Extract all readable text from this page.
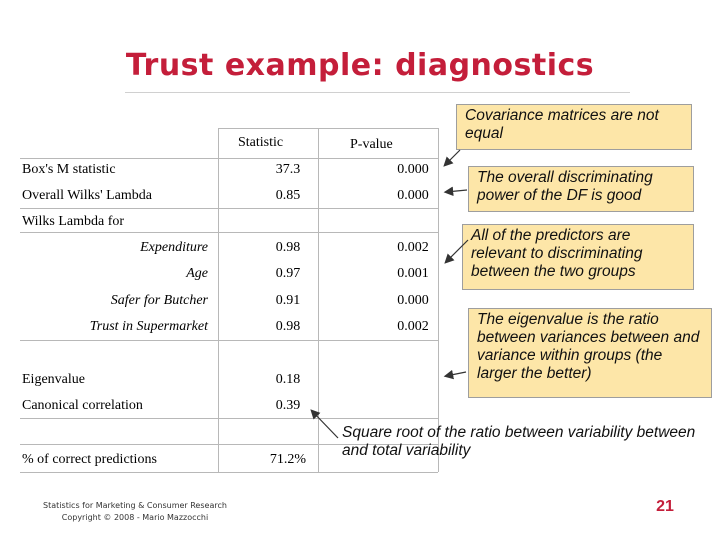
Trust example: diagnostics
Statistic	P-value
Box's M statistic	37.3	0.000
Overall Wilks' Lambda	0.85	0.000
Wilks Lambda for
Expenditure	0.98	0.002
Age	0.97	0.001
Safer for Butcher	0.91	0.000
Trust in Supermarket	0.98	0.002
Eigenvalue	0.18
Canonical correlation	0.39
% of correct predictions	71.2%
Covariance matrices are not equal
The overall discriminating power of the DF is good
All of the predictors are relevant to discriminating between the two groups
The eigenvalue is the ratio between variances between and variance within groups (the larger the better)
Square root of the ratio between variability between and total variability
Statistics for Marketing & Consumer Research
Copyright © 2008 - Mario Mazzocchi
21
